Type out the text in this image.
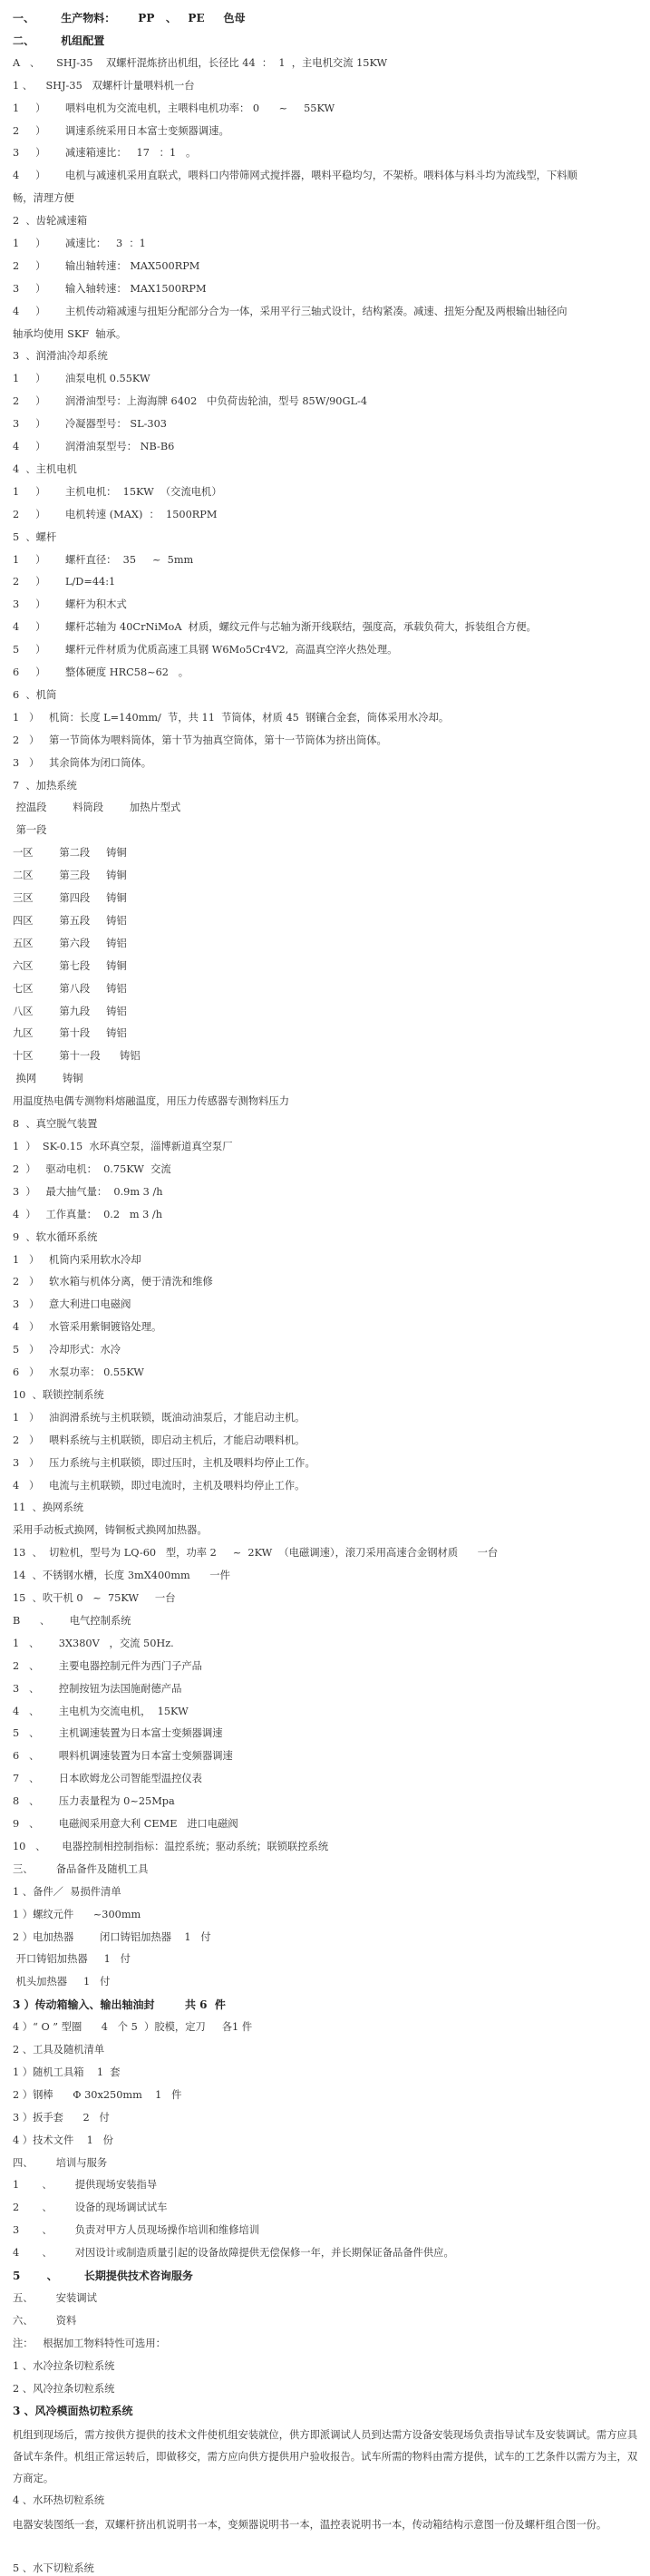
一、       生产物料：      PP   、   PE     色母
二、       机组配置
A   、     SHJ-35    双螺杆混炼挤出机组，长径比 44  ：  1  ，主电机交流 15KW
1 、    SHJ-35   双螺杆计量喂料机一台
1     ）      喂料电机为交流电机，主喂料电机功率： 0      ~     55KW
2     ）      调速系统采用日本富士变频器调速。
3     ）      减速箱速比：   17   ：1   。
4     ）      电机与减速机采用直联式，喂料口内带筛网式搅拌器，喂料平稳均匀，不架桥。喂料体与料斗均为流线型，下料顺
畅，清理方便
2  、齿轮减速箱
1     ）      减速比：   3  ：1
2     ）      输出轴转速： MAX500RPM
3     ）      输入轴转速： MAX1500RPM
4     ）      主机传动箱减速与扭矩分配部分合为一体，采用平行三轴式设计，结构紧凑。减速、扭矩分配及两根输出轴径向
轴承均使用 SKF  轴承。
3  、润滑油冷却系统
1     ）      油泵电机 0.55KW
2     ）      润滑油型号：上海海牌 6402   中负荷齿轮油，型号 85W/90GL-4
3     ）      冷凝器型号： SL-303
4     ）      润滑油泵型号： NB-B6
4  、主机电机
1     ）      主机电机：  15KW  （交流电机）
2     ）      电机转速 (MAX)  ：  1500RPM
5  、螺杆
1     ）      螺杆直径：  35     ~  5mm
2     ）      L/D=44:1
3     ）      螺杆为积木式
4     ）      螺杆芯轴为 40CrNiMoA  材质，螺纹元件与芯轴为渐开线联结，强度高，承载负荷大，拆装组合方便。
5     ）      螺杆元件材质为优质高速工具钢 W6Mo5Cr4V2,  高温真空淬火热处理。
6     ）      整体硬度 HRC58~62   。
6  、机筒
1   ）   机筒：长度 L=140mm/  节，共 11  节筒体，材质 45  钢镶合金套，筒体采用水冷却。
2   ）   第一节筒体为喂料筒体，第十节为抽真空筒体，第十一节筒体为挤出筒体。
3   ）   其余筒体为闭口筒体。
7  、加热系统
控温段        料筒段        加热片型式
第一段
一区        第二段     铸铜
二区        第三段     铸铜
三区        第四段     铸铜
四区        第五段     铸铝
五区        第六段     铸铝
六区        第七段     铸铜
七区        第八段     铸铝
八区        第九段     铸铝
九区        第十段     铸铝
十区        第十一段      铸铝
换网        铸铜
用温度热电偶专测物料熔融温度，用压力传感器专测物料压力
8  、真空脱气装置
1  ）  SK-0.15  水环真空泵，淄博新道真空泵厂
2  ）   驱动电机：  0.75KW  交流
3  ）   最大抽气量：  0.9m 3 /h
4  ）   工作真量：  0.2   m 3 /h
9  、软水循环系统
1   ）   机筒内采用软水冷却
2   ）   软水箱与机体分离，便于清洗和维修
3   ）   意大利进口电磁阀
4   ）   水管采用紫铜镀铬处理。
5   ）   冷却形式：水冷
6   ）   水泵功率： 0.55KW
10  、联锁控制系统
1   ）   油润滑系统与主机联锁，既油动油泵后，才能启动主机。
2   ）   喂料系统与主机联锁，即启动主机后，才能启动喂料机。
3   ）   压力系统与主机联锁，即过压时，主机及喂料均停止工作。
4   ）   电流与主机联锁，即过电流时，主机及喂料均停止工作。
11  、换网系统
采用手动板式换网，铸铜板式换网加热器。
13  、  切粒机，型号为 LQ-60   型，功率 2     ~  2KW  （电磁调速），滚刀采用高速合金钢材质      一台
14  、不锈钢水槽，长度 3mX400mm      一件
15  、吹干机 0   ~  75KW     一台
B      、      电气控制系统
1   、      3X380V   ，交流 50Hz.
2   、      主要电器控制元件为西门子产品
3   、      控制按钮为法国施耐德产品
4   、      主电机为交流电机，  15KW
5   、      主机调速装置为日本富士变频器调速
6   、      喂料机调速装置为日本富士变频器调速
7   、      日本欧姆龙公司智能型温控仪表
8   、      压力表量程为 0~25Mpa
9   、      电磁阀采用意大利 CEME   进口电磁阀
10   、     电器控制相控制指标：温控系统；驱动系统；联锁联控系统
三、       备品备件及随机工具
1 、备件／  易损件清单
1 ）螺纹元件      ~300mm
2 ）电加热器        闭口铸铝加热器    1   付
开口铸铝加热器     1   付
机头加热器     1   付
3 ）传动箱输入、输出轴油封        共 6  件
4 ）“ O ” 型圈      4   个 5  ）胶模，定刀     各1 件
2 、工具及随机清单
1 ）随机工具箱    1  套
2 ）钢棒      Φ 30x250mm    1   件
3 ）扳手套      2   付
4 ）技术文件    1   份
四、       培训与服务
1       、       提供现场安装指导
2       、       设备的现场调试试车
3       、       负责对甲方人员现场操作培训和维修培训
4       、       对因设计或制造质量引起的设备故障提供无偿保修一年，并长期保证备品备件供应。
5       、       长期提供技术咨询服务
五、       安装调试
六、       资料
注：   根据加工物料特性可选用：
1 、水冷拉条切粒系统
2 、风冷拉条切粒系统
3 、风冷模面热切粒系统
机组到现场后，需方按供方提供的技术文件使机组安装就位，供方即派调试人员到达需方设备安装现场负责指导试车及安装调试。需方应具备试车条件。机组正常运转后，即做移交，需方应向供方提供用户验收报告。试车所需的物料由需方提供，试车的工艺条件以需方为主，双方商定。
4 、水环热切粒系统
电器安装图纸一套，双螺杆挤出机说明书一本，变频器说明书一本，温控表说明书一本，传动箱结构示意图一份及螺杆组合图一份。
5 、水下切粒系统
